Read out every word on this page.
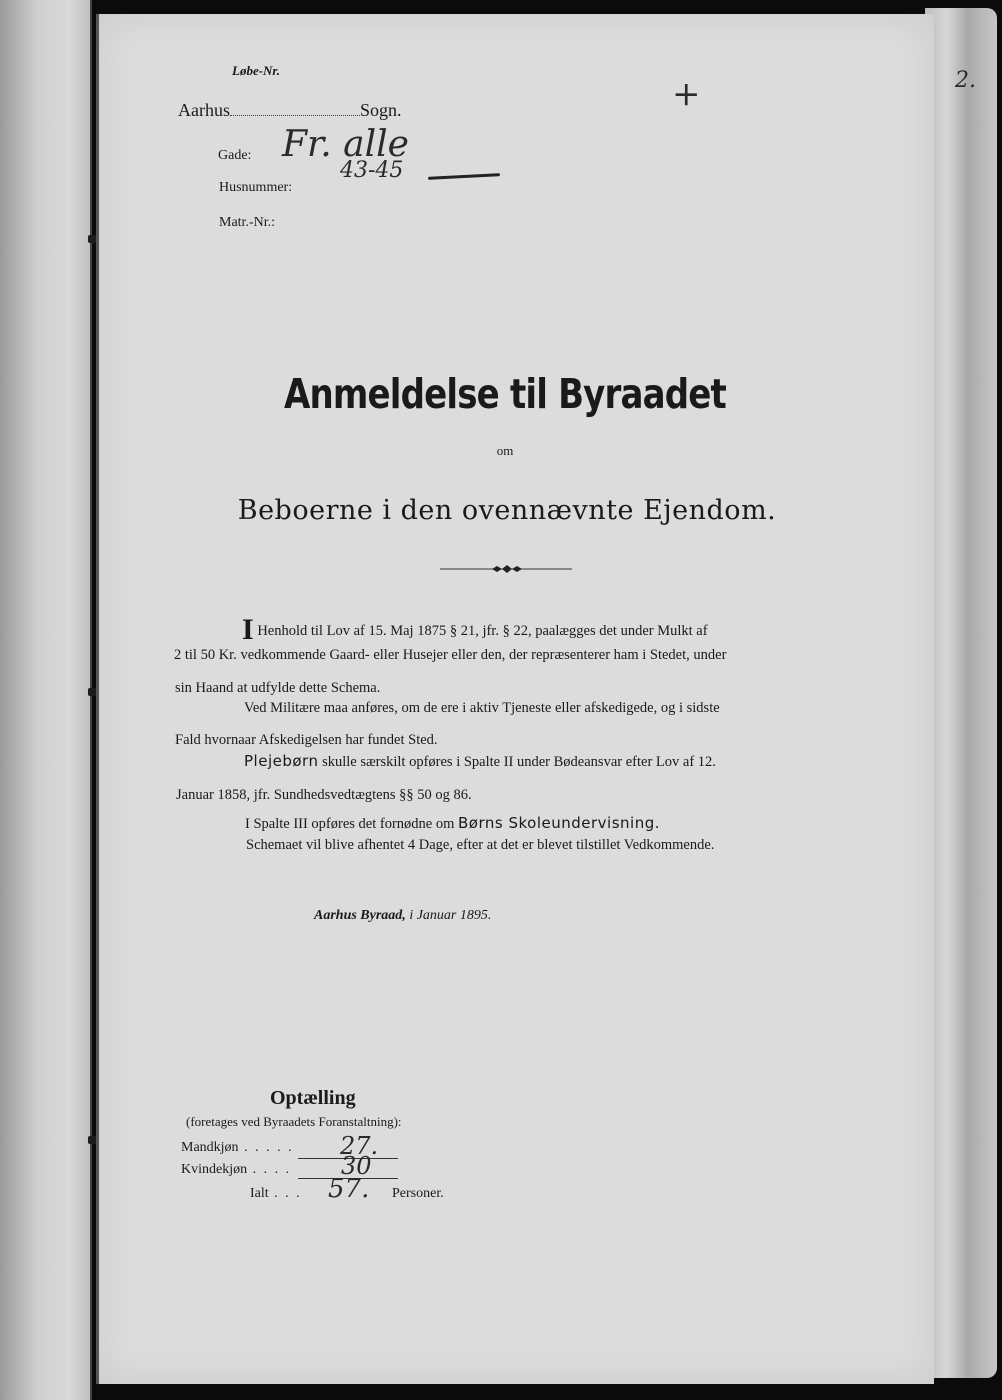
Løbe-Nr.
Aarhus	Sogn.
Gade: Fr. alle
Husnummer:
43-45
Matr.-Nr.:
+	2.
Anmeldelse til Byraadet
om
Beboerne i den ovennævnte Ejendom.
I Henhold til Lov af 15. Maj 1875 § 21, jfr. § 22, paalægges det under Mulkt af
2 til 50 Kr. vedkommende Gaard- eller Husejer eller den, der repræsenterer ham i Stedet, under
sin Haand at udfylde dette Schema.
Ved Militære maa anføres, om de ere i aktiv Tjeneste eller afskedigede, og i sidste
Fald hvornaar Afskedigelsen har fundet Sted.
Plejebørn skulle særskilt opføres i Spalte II under Bødeansvar efter Lov af 12.
Januar 1858, jfr. Sundhedsvedtægtens §§ 50 og 86.
I Spalte III opføres det fornødne om Børns Skoleundervisning.
Schemaet vil blive afhentet 4 Dage, efter at det er blevet tilstillet Vedkommende.
Aarhus Byraad, i Januar 1895.
Optælling
(foretages ved Byraadets Foranstaltning):
Mandkjøn . . . . . 27.
Kvindekjøn . . . . 30
Ialt . . . 57. Personer.
